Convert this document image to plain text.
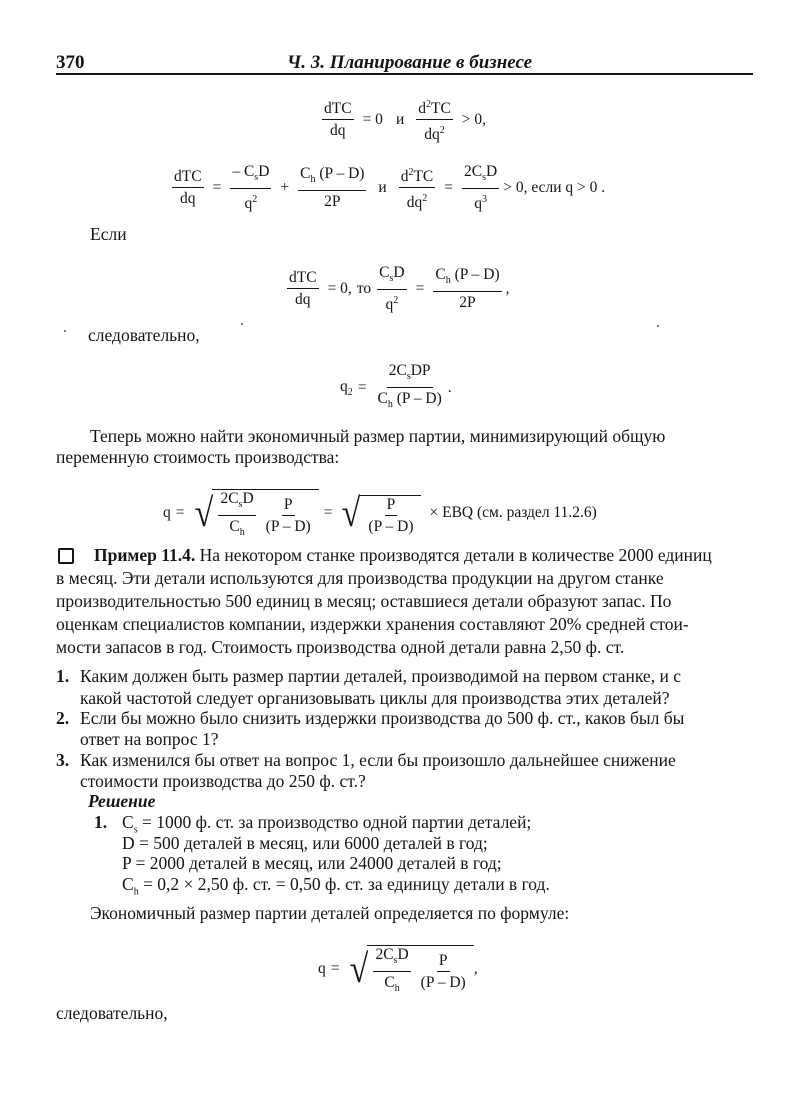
370	Ч. 3. Планирование в бизнесе
$\frac{\text{dTC}}{dq} = 0$ и $\frac{d^2TC}{dq^2} > 0$,
$\frac{\text{dTC}}{dq} = \frac{- C_sD}{q^2} + \frac{C_h (P - D)}{2P}$ и $\frac{d^2TC}{dq^2} = \frac{2C_sD}{q^3} > 0$, если q > 0 .
Если
$\frac{\text{dTC}}{dq} = 0$, то $\frac{C_sD}{q^2} = \frac{C_h (P - D)}{2P}$ ,
следовательно,
$q_2 = \frac{2C_sDP}{C_h (P - D)}$ .
Теперь можно найти экономичный размер партии, минимизирующий общую
переменную стоимость производства:
q = √ $\frac{2C_sD}{C_h} \frac{P}{(P - D)}$ = √ $\frac{P}{(P - D)}$ × EBQ (см. раздел 11.2.6)
Пример 11.4. На некотором станке производятся детали в количестве 2000 единиц
в месяц. Эти детали используются для производства продукции на другом станке
производительностью 500 единиц в месяц; оставшиеся детали образуют запас. По
оценкам специалистов компании, издержки хранения составляют 20% средней стои-
мости запасов в год. Стоимость производства одной детали равна 2,50 ф. ст.
1. Каким должен быть размер партии деталей, производимой на первом станке, и с
какой частотой следует организовывать циклы для производства этих деталей?
2. Если бы можно было снизить издержки производства до 500 ф. ст., каков был бы
ответ на вопрос 1?
3. Как изменился бы ответ на вопрос 1, если бы произошло дальнейшее снижение
стоимости производства до 250 ф. ст.?
Решение
1. $C_s = 1000$ ф. ст. за производство одной партии деталей;
D = 500 деталей в месяц, или 6000 деталей в год;
P = 2000 деталей в месяц, или 24000 деталей в год;
$C_h = 0,2 \times 2,50$ ф. ст. = 0,50 ф. ст. за единицу детали в год.
Экономичный размер партии деталей определяется по формуле:
q = √ $\frac{2C_sD}{C_h} \frac{P}{(P - D)}$ ,
следовательно,
